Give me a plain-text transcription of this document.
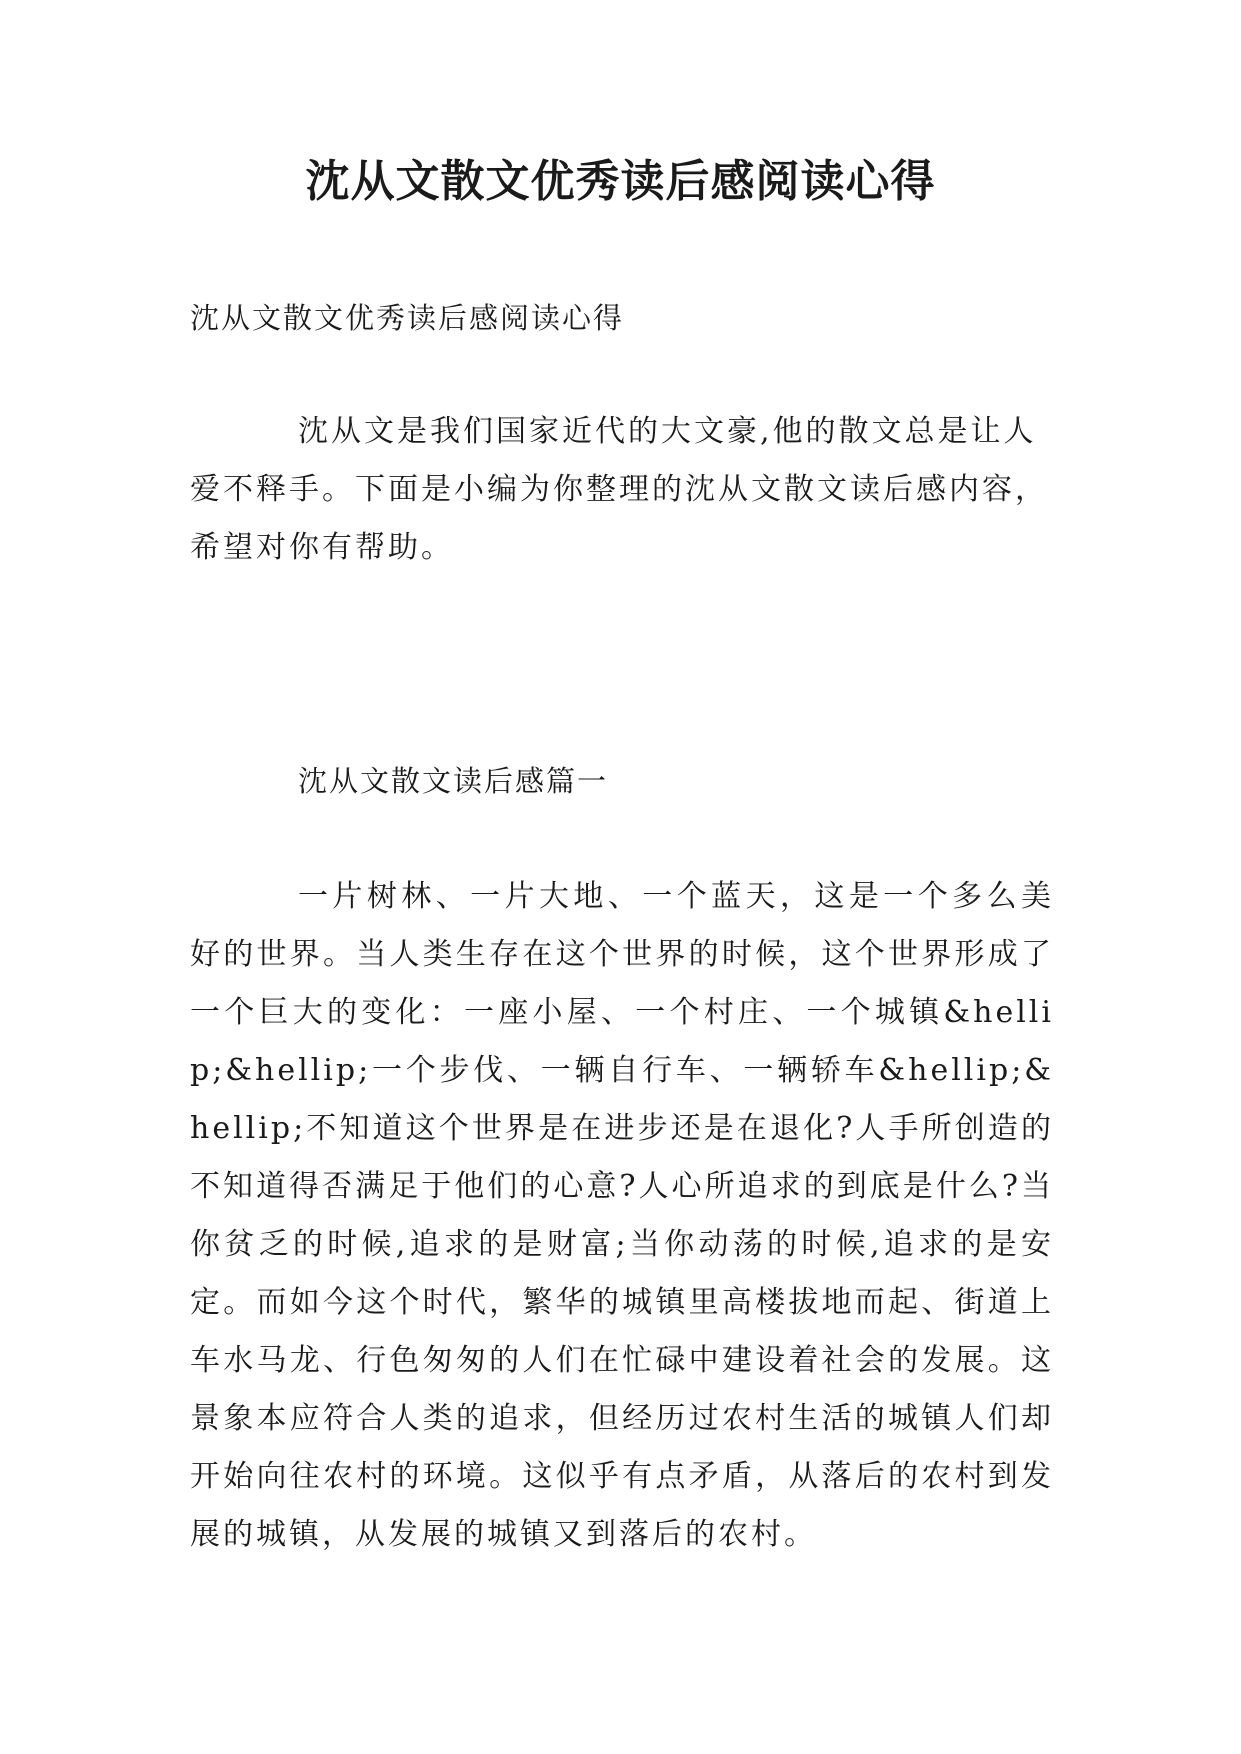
沈从文散文优秀读后感阅读心得

沈从文散文优秀读后感阅读心得

沈从文是我们国家近代的大文豪,他的散文总是让人爱不释手。下面是小编为你整理的沈从文散文读后感内容，希望对你有帮助。

沈从文散文读后感篇一

一片树林、一片大地、一个蓝天，这是一个多么美好的世界。当人类生存在这个世界的时候，这个世界形成了一个巨大的变化：一座小屋、一个村庄、一个城镇&hellip;&hellip;一个步伐、一辆自行车、一辆轿车&hellip;&hellip;不知道这个世界是在进步还是在退化?人手所创造的不知道得否满足于他们的心意?人心所追求的到底是什么?当你贫乏的时候,追求的是财富;当你动荡的时候,追求的是安定。而如今这个时代，繁华的城镇里高楼拔地而起、街道上车水马龙、行色匆匆的人们在忙碌中建设着社会的发展。这景象本应符合人类的追求，但经历过农村生活的城镇人们却开始向往农村的环境。这似乎有点矛盾，从落后的农村到发展的城镇，从发展的城镇又到落后的农村。
